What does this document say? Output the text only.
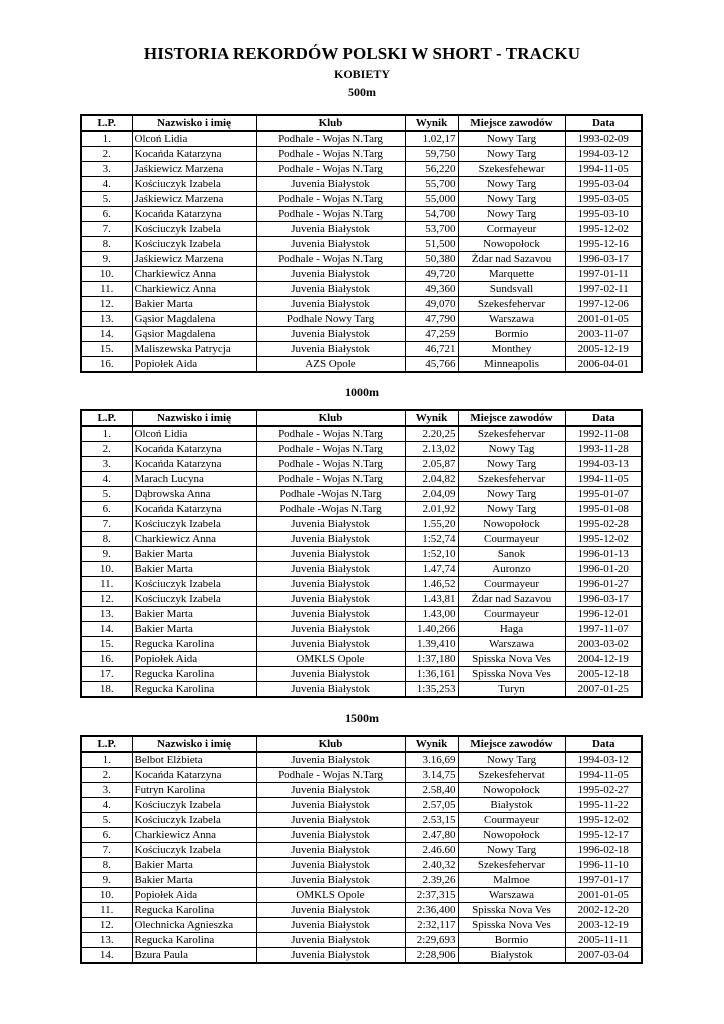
HISTORIA REKORDÓW POLSKI W SHORT - TRACKU
KOBIETY
500m
L.P.	Nazwisko i imię	Klub	Wynik	Miejsce zawodów	Data
1.	Olcoń Lidia	Podhale - Wojas N.Targ	1.02,17	Nowy Targ	1993-02-09
2.	Kocańda Katarzyna	Podhale - Wojas N.Targ	59,750	Nowy Targ	1994-03-12
3.	Jaśkiewicz Marzena	Podhale - Wojas N.Targ	56,220	Szekesfehewar	1994-11-05
4.	Kościuczyk Izabela	Juvenia Białystok	55,700	Nowy Targ	1995-03-04
5.	Jaśkiewicz Marzena	Podhale - Wojas N.Targ	55,000	Nowy Targ	1995-03-05
6.	Kocańda Katarzyna	Podhale - Wojas N.Targ	54,700	Nowy Targ	1995-03-10
7.	Kościuczyk Izabela	Juvenia Białystok	53,700	Cormayeur	1995-12-02
8.	Kościuczyk Izabela	Juvenia Białystok	51,500	Nowopołock	1995-12-16
9.	Jaśkiewicz Marzena	Podhale - Wojas N.Targ	50,380	Żdar nad Sazavou	1996-03-17
10.	Charkiewicz Anna	Juvenia Białystok	49,720	Marquette	1997-01-11
11.	Charkiewicz Anna	Juvenia Białystok	49,360	Sundsvall	1997-02-11
12.	Bakier Marta	Juvenia Białystok	49,070	Szekesfehervar	1997-12-06
13.	Gąsior Magdalena	Podhale Nowy Targ	47,790	Warszawa	2001-01-05
14.	Gąsior Magdalena	Juvenia Białystok	47,259	Bormio	2003-11-07
15.	Maliszewska Patrycja	Juvenia Białystok	46,721	Monthey	2005-12-19
16.	Popiołek Aida	AZS Opole	45,766	Minneapolis	2006-04-01
1000m
L.P.	Nazwisko i imię	Klub	Wynik	Miejsce zawodów	Data
1.	Olcoń Lidia	Podhale - Wojas N.Targ	2.20,25	Szekesfehervar	1992-11-08
2.	Kocańda Katarzyna	Podhale - Wojas N.Targ	2.13,02	Nowy Tag	1993-11-28
3.	Kocańda Katarzyna	Podhale - Wojas N.Targ	2.05,87	Nowy Targ	1994-03-13
4.	Marach Lucyna	Podhale - Wojas N.Targ	2.04,82	Szekesfehervar	1994-11-05
5.	Dąbrowska Anna	Podhale -Wojas N.Targ	2.04,09	Nowy Targ	1995-01-07
6.	Kocańda Katarzyna	Podhale -Wojas N.Targ	2.01,92	Nowy Targ	1995-01-08
7.	Kościuczyk Izabela	Juvenia Białystok	1.55,20	Nowopołock	1995-02-28
8.	Charkiewicz Anna	Juvenia Białystok	1:52,74	Courmayeur	1995-12-02
9.	Bakier Marta	Juvenia Białystok	1:52,10	Sanok	1996-01-13
10.	Bakier Marta	Juvenia Białystok	1.47,74	Auronzo	1996-01-20
11.	Kościuczyk Izabela	Juvenia Białystok	1.46,52	Courmayeur	1996-01-27
12.	Kościuczyk Izabela	Juvenia Białystok	1.43,81	Żdar nad Sazavou	1996-03-17
13.	Bakier Marta	Juvenia Białystok	1.43,00	Courmayeur	1996-12-01
14.	Bakier Marta	Juvenia Białystok	1.40,266	Haga	1997-11-07
15.	Regucka Karolina	Juvenia Białystok	1.39,410	Warszawa	2003-03-02
16.	Popiołek Aida	OMKLS Opole	1:37,180	Spisska Nova Ves	2004-12-19
17.	Regucka Karolina	Juvenia Białystok	1:36,161	Spisska Nova Ves	2005-12-18
18.	Regucka Karolina	Juvenia Białystok	1:35,253	Turyn	2007-01-25
1500m
L.P.	Nazwisko i imię	Klub	Wynik	Miejsce zawodów	Data
1.	Belbot Elżbieta	Juvenia Białystok	3.16,69	Nowy Targ	1994-03-12
2.	Kocańda Katarzyna	Podhale - Wojas N.Targ	3.14,75	Szekesfehervat	1994-11-05
3.	Futryn Karolina	Juvenia Białystok	2.58,40	Nowopołock	1995-02-27
4.	Kościuczyk Izabela	Juvenia Białystok	2.57,05	Białystok	1995-11-22
5.	Kościuczyk Izabela	Juvenia Białystok	2.53,15	Courmayeur	1995-12-02
6.	Charkiewicz Anna	Juvenia Białystok	2.47,80	Nowopołock	1995-12-17
7.	Kościuczyk Izabela	Juvenia Białystok	2.46.60	Nowy Targ	1996-02-18
8.	Bakier Marta	Juvenia Białystok	2.40,32	Szekesfehervar	1996-11-10
9.	Bakier Marta	Juvenia Białystok	2.39,26	Malmoe	1997-01-17
10.	Popiołek Aida	OMKLS Opole	2:37,315	Warszawa	2001-01-05
11.	Regucka Karolina	Juvenia Białystok	2:36,400	Spisska Nova Ves	2002-12-20
12.	Olechnicka Agnieszka	Juvenia Białystok	2:32,117	Spisska Nova Ves	2003-12-19
13.	Regucka Karolina	Juvenia Białystok	2:29,693	Bormio	2005-11-11
14.	Bzura Paula	Juvenia Białystok	2:28,906	Białystok	2007-03-04
